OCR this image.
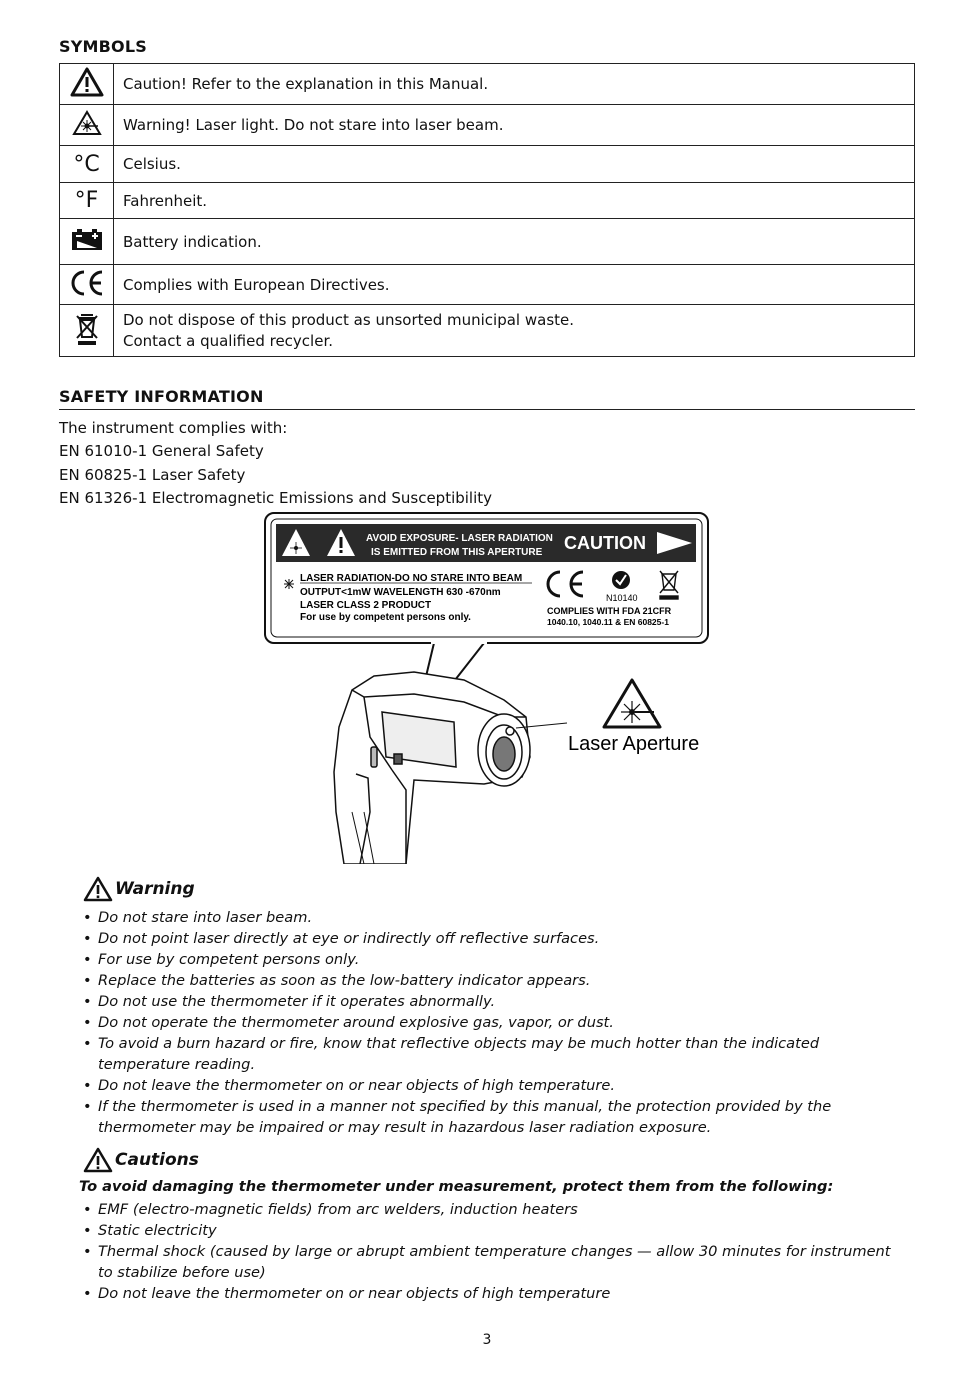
SYMBOLS
	Caution! Refer to the explanation in this Manual.
	Warning! Laser light. Do not stare into laser beam.
°C	Celsius.
°F	Fahrenheit.
	Battery indication.
	Complies with European Directives.

Do not dispose of this product as unsorted municipal waste.
Contact a qualified recycler.
SAFETY INFORMATION
The instrument complies with:
EN 61010-1 General Safety
EN 60825-1 Laser Safety
EN 61326-1 Electromagnetic Emissions and Susceptibility
AVOID EXPOSURE- LASER RADIATION
IS EMITTED FROM THIS APERTURE CAUTION
LASER RADIATION-DO NO STARE INTO BEAM
OUTPUT<1mW WAVELENGTH 630 -670nm
LASER CLASS 2 PRODUCT
For use by competent persons only.
N10140
COMPLIES WITH FDA 21CFR
1040.10, 1040.11 & EN 60825-1
Laser Aperture
Warning
• Do not stare into laser beam.
• Do not point laser directly at eye or indirectly off reflective surfaces.
• For use by competent persons only.
• Replace the batteries as soon as the low-battery indicator appears.
• Do not use the thermometer if it operates abnormally.
• Do not operate the thermometer around explosive gas, vapor, or dust.
• To avoid a burn hazard or fire, know that reflective objects may be much hotter than the indicated temperature reading.
• Do not leave the thermometer on or near objects of high temperature.
• If the thermometer is used in a manner not specified by this manual, the protection provided by the thermometer may be impaired or may result in hazardous laser radiation exposure.
Cautions
To avoid damaging the thermometer under measurement, protect them from the following:
• EMF (electro-magnetic fields) from arc welders, induction heaters
• Static electricity
• Thermal shock (caused by large or abrupt ambient temperature changes — allow 30 minutes for instrument to stabilize before use)
• Do not leave the thermometer on or near objects of high temperature
3
